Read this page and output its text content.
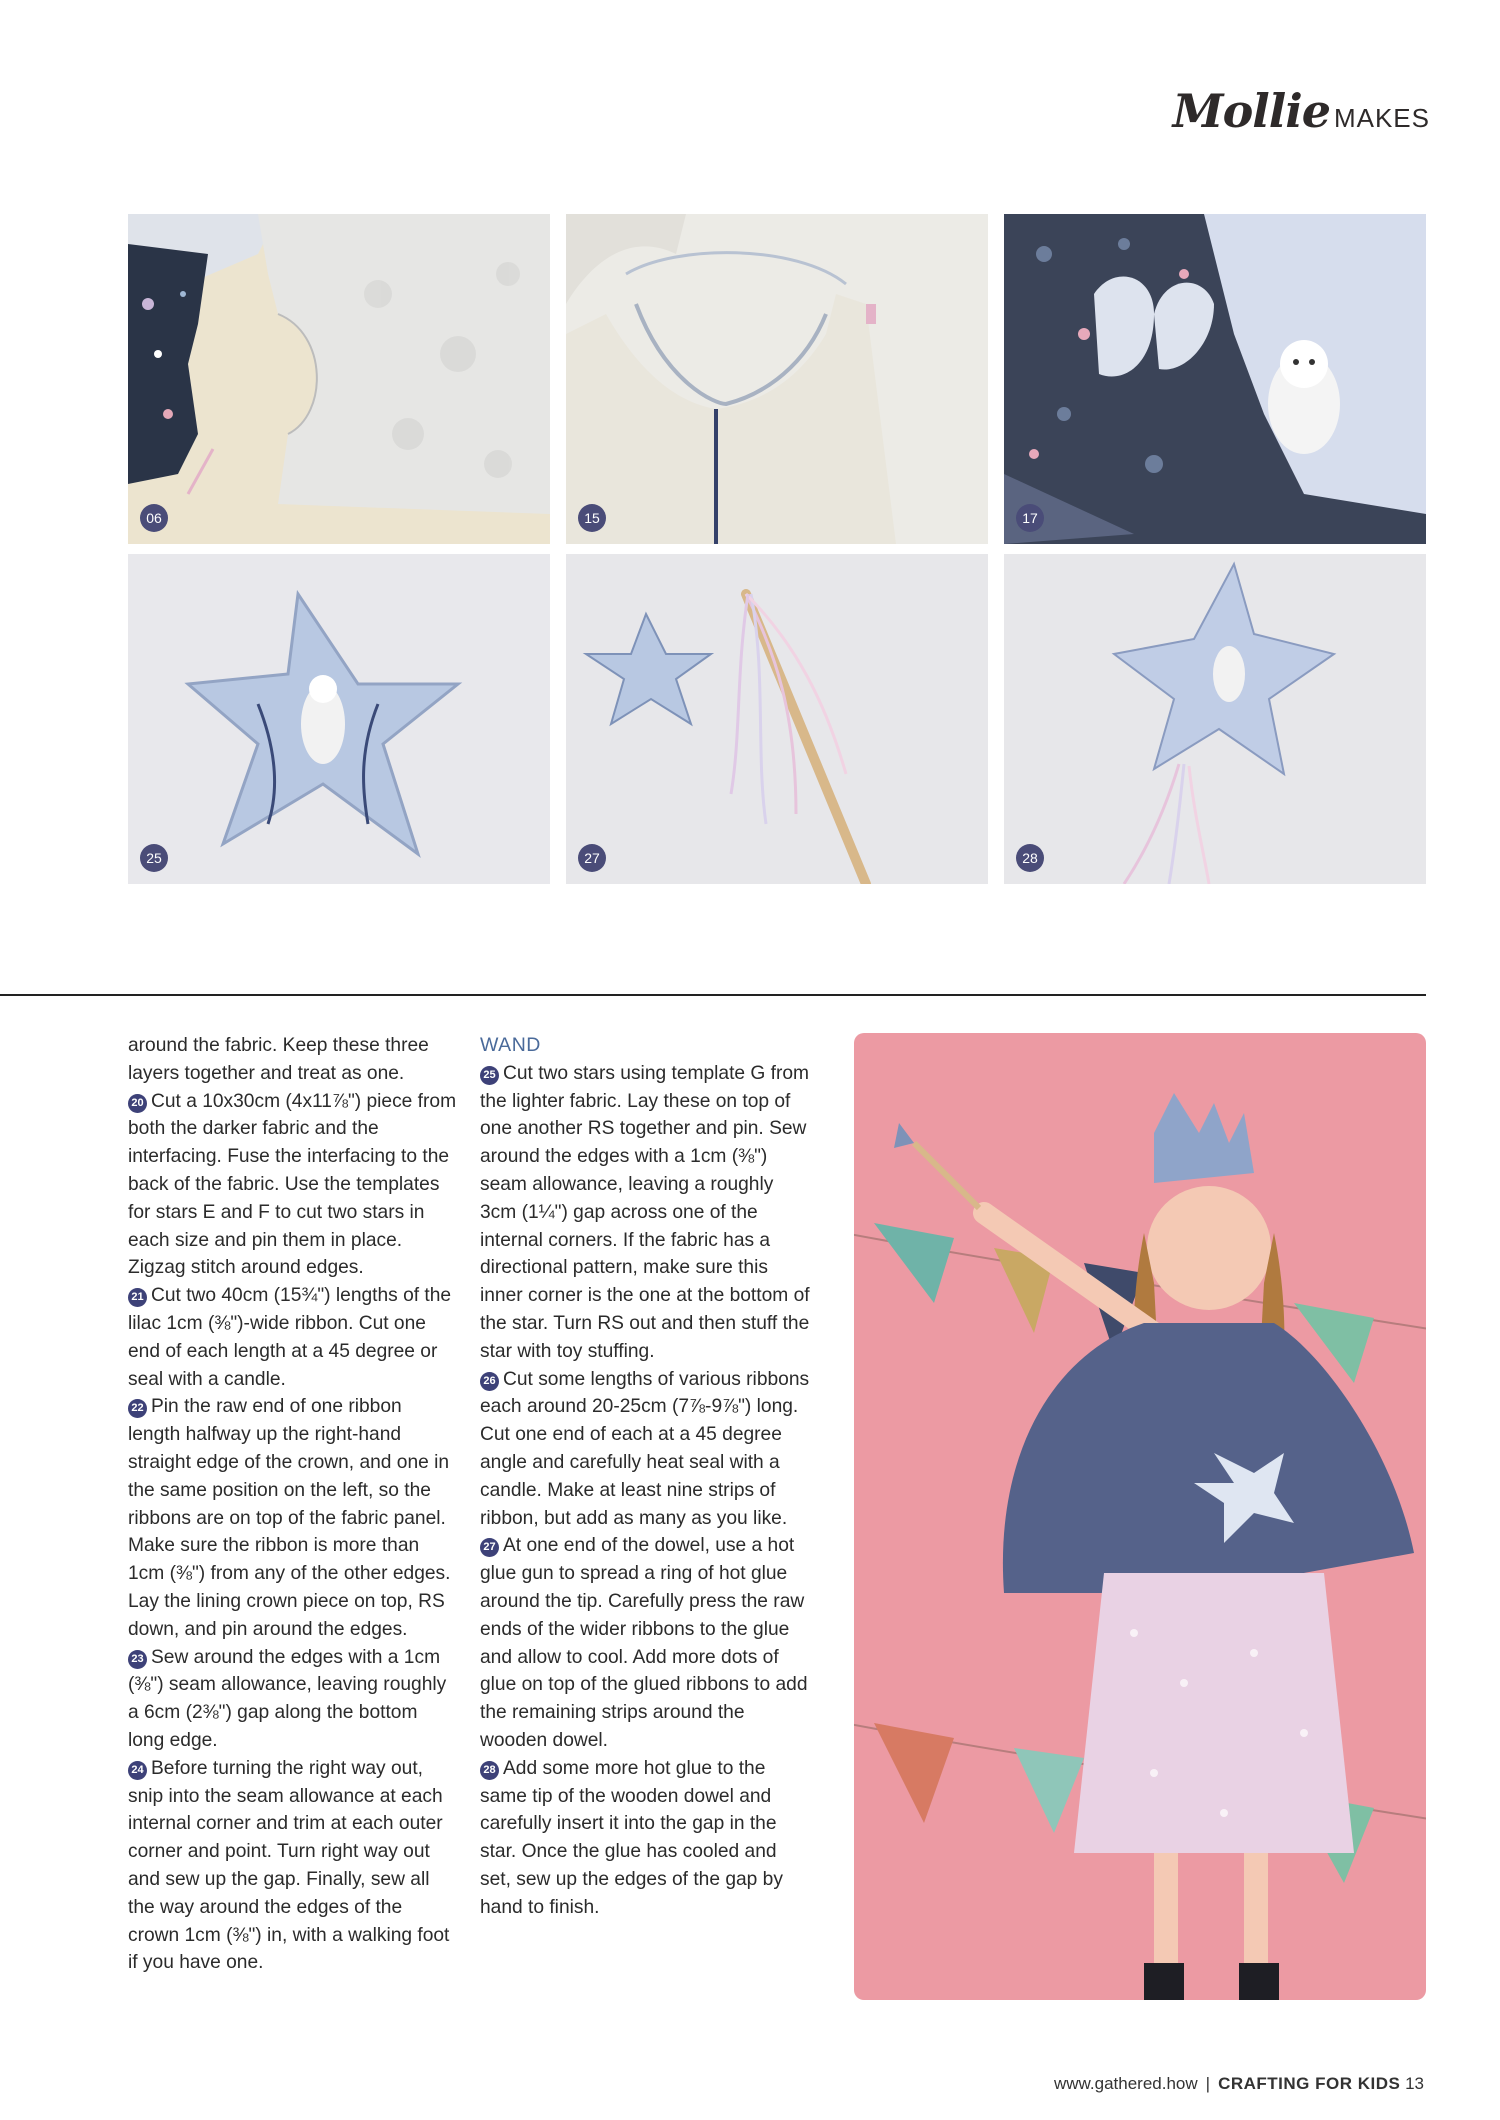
Mollie MAKES
06	15	17
25	27	28

around the fabric. Keep these three layers together and treat as one.

20 Cut a 10x30cm (4x11⅞") piece from both the darker fabric and the interfacing. Fuse the interfacing to the back of the fabric. Use the templates for stars E and F to cut two stars in each size and pin them in place. Zigzag stitch around edges.

21 Cut two 40cm (15¾") lengths of the lilac 1cm (⅜")-wide ribbon. Cut one end of each length at a 45 degree or seal with a candle.

22 Pin the raw end of one ribbon length halfway up the right-hand straight edge of the crown, and one in the same position on the left, so the ribbons are on top of the fabric panel. Make sure the ribbon is more than 1cm (⅜") from any of the other edges. Lay the lining crown piece on top, RS down, and pin around the edges.

23 Sew around the edges with a 1cm (⅜") seam allowance, leaving roughly a 6cm (2⅜") gap along the bottom long edge.

24 Before turning the right way out, snip into the seam allowance at each internal corner and trim at each outer corner and point. Turn right way out and sew up the gap. Finally, sew all the way around the edges of the crown 1cm (⅜") in, with a walking foot if you have one.

WAND

25 Cut two stars using template G from the lighter fabric. Lay these on top of one another RS together and pin. Sew around the edges with a 1cm (⅜") seam allowance, leaving a roughly 3cm (1¼") gap across one of the internal corners. If the fabric has a directional pattern, make sure this inner corner is the one at the bottom of the star. Turn RS out and then stuff the star with toy stuffing.

26 Cut some lengths of various ribbons each around 20-25cm (7⅞-9⅞") long. Cut one end of each at a 45 degree angle and carefully heat seal with a candle. Make at least nine strips of ribbon, but add as many as you like.

27 At one end of the dowel, use a hot glue gun to spread a ring of hot glue around the tip. Carefully press the raw ends of the wider ribbons to the glue and allow to cool. Add more dots of glue on top of the glued ribbons to add the remaining strips around the wooden dowel.

28 Add some more hot glue to the same tip of the wooden dowel and carefully insert it into the gap in the star. Once the glue has cooled and set, sew up the edges of the gap by hand to finish.

www.gathered.how | CRAFTING FOR KIDS 13
